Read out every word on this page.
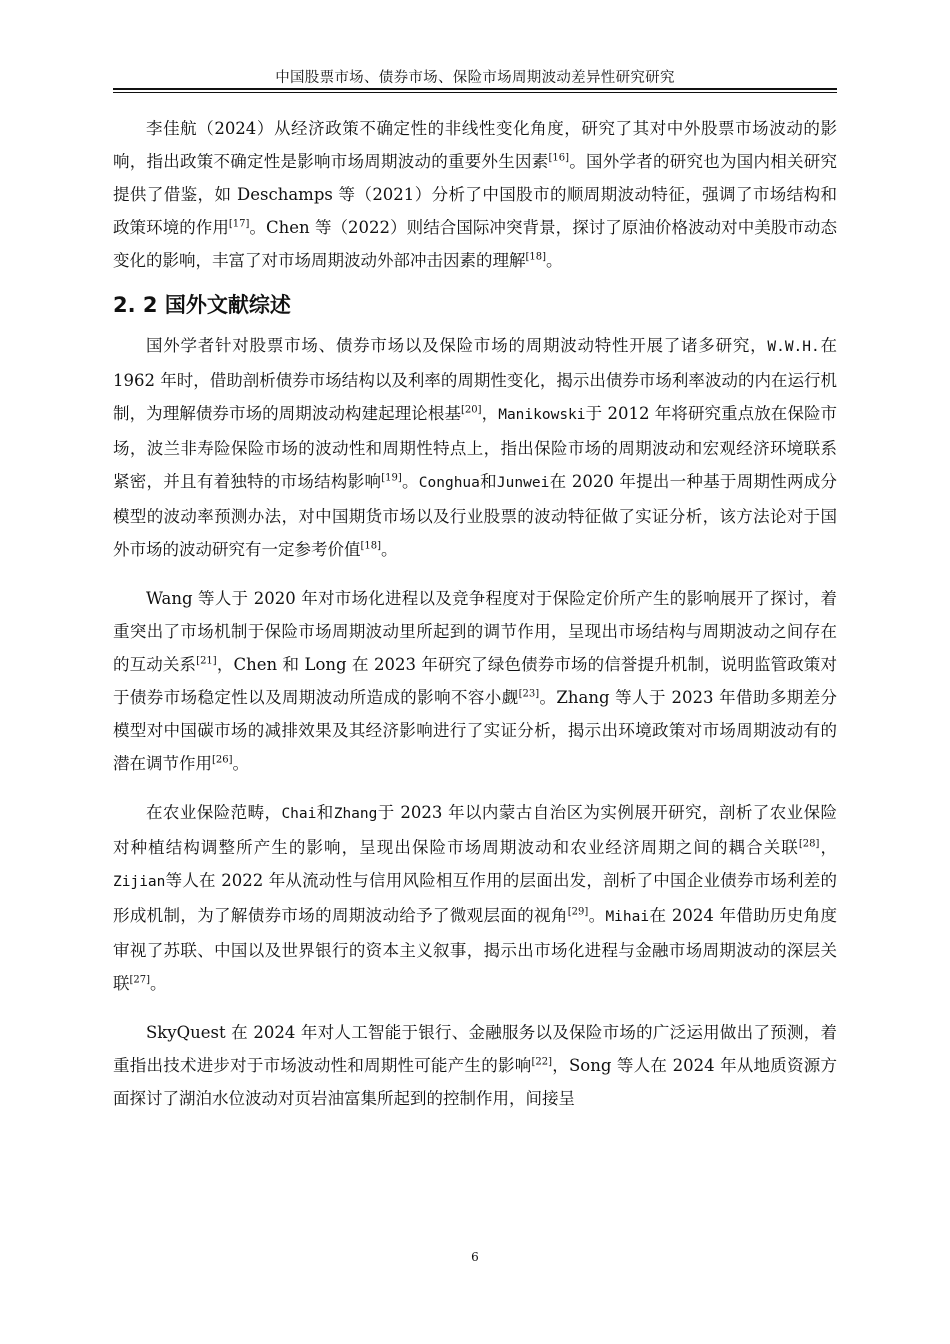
中国股票市场、债券市场、保险市场周期波动差异性研究研究

李佳航（2024）从经济政策不确定性的非线性变化角度，研究了其对中外股票市场波动的影响，指出政策不确定性是影响市场周期波动的重要外生因素[16]。国外学者的研究也为国内相关研究提供了借鉴，如 Deschamps 等（2021）分析了中国股市的顺周期波动特征，强调了市场结构和政策环境的作用[17]。Chen 等（2022）则结合国际冲突背景，探讨了原油价格波动对中美股市动态变化的影响，丰富了对市场周期波动外部冲击因素的理解[18]。

2. 2 国外文献综述

国外学者针对股票市场、债券市场以及保险市场的周期波动特性开展了诸多研究，W.W.H.在 1962 年时，借助剖析债券市场结构以及利率的周期性变化，揭示出债券市场利率波动的内在运行机制，为理解债券市场的周期波动构建起理论根基[20]，Manikowski于 2012 年将研究重点放在保险市场，波兰非寿险保险市场的波动性和周期性特点上，指出保险市场的周期波动和宏观经济环境联系紧密，并且有着独特的市场结构影响[19]。Conghua和Junwei在 2020 年提出一种基于周期性两成分模型的波动率预测办法，对中国期货市场以及行业股票的波动特征做了实证分析，该方法论对于国外市场的波动研究有一定参考价值[18]。

Wang 等人于 2020 年对市场化进程以及竞争程度对于保险定价所产生的影响展开了探讨，着重突出了市场机制于保险市场周期波动里所起到的调节作用，呈现出市场结构与周期波动之间存在的互动关系[21]，Chen 和 Long 在 2023 年研究了绿色债券市场的信誉提升机制，说明监管政策对于债券市场稳定性以及周期波动所造成的影响不容小觑[23]。Zhang 等人于 2023 年借助多期差分模型对中国碳市场的减排效果及其经济影响进行了实证分析，揭示出环境政策对市场周期波动有的潜在调节作用[26]。

在农业保险范畴，Chai和Zhang于 2023 年以内蒙古自治区为实例展开研究，剖析了农业保险对种植结构调整所产生的影响，呈现出保险市场周期波动和农业经济周期之间的耦合关联[28]，Zijian等人在 2022 年从流动性与信用风险相互作用的层面出发，剖析了中国企业债券市场利差的形成机制，为了解债券市场的周期波动给予了微观层面的视角[29]。Mihai在 2024 年借助历史角度审视了苏联、中国以及世界银行的资本主义叙事，揭示出市场化进程与金融市场周期波动的深层关联[27]。

SkyQuest 在 2024 年对人工智能于银行、金融服务以及保险市场的广泛运用做出了预测，着重指出技术进步对于市场波动性和周期性可能产生的影响[22]，Song 等人在 2024 年从地质资源方面探讨了湖泊水位波动对页岩油富集所起到的控制作用，间接呈

6
